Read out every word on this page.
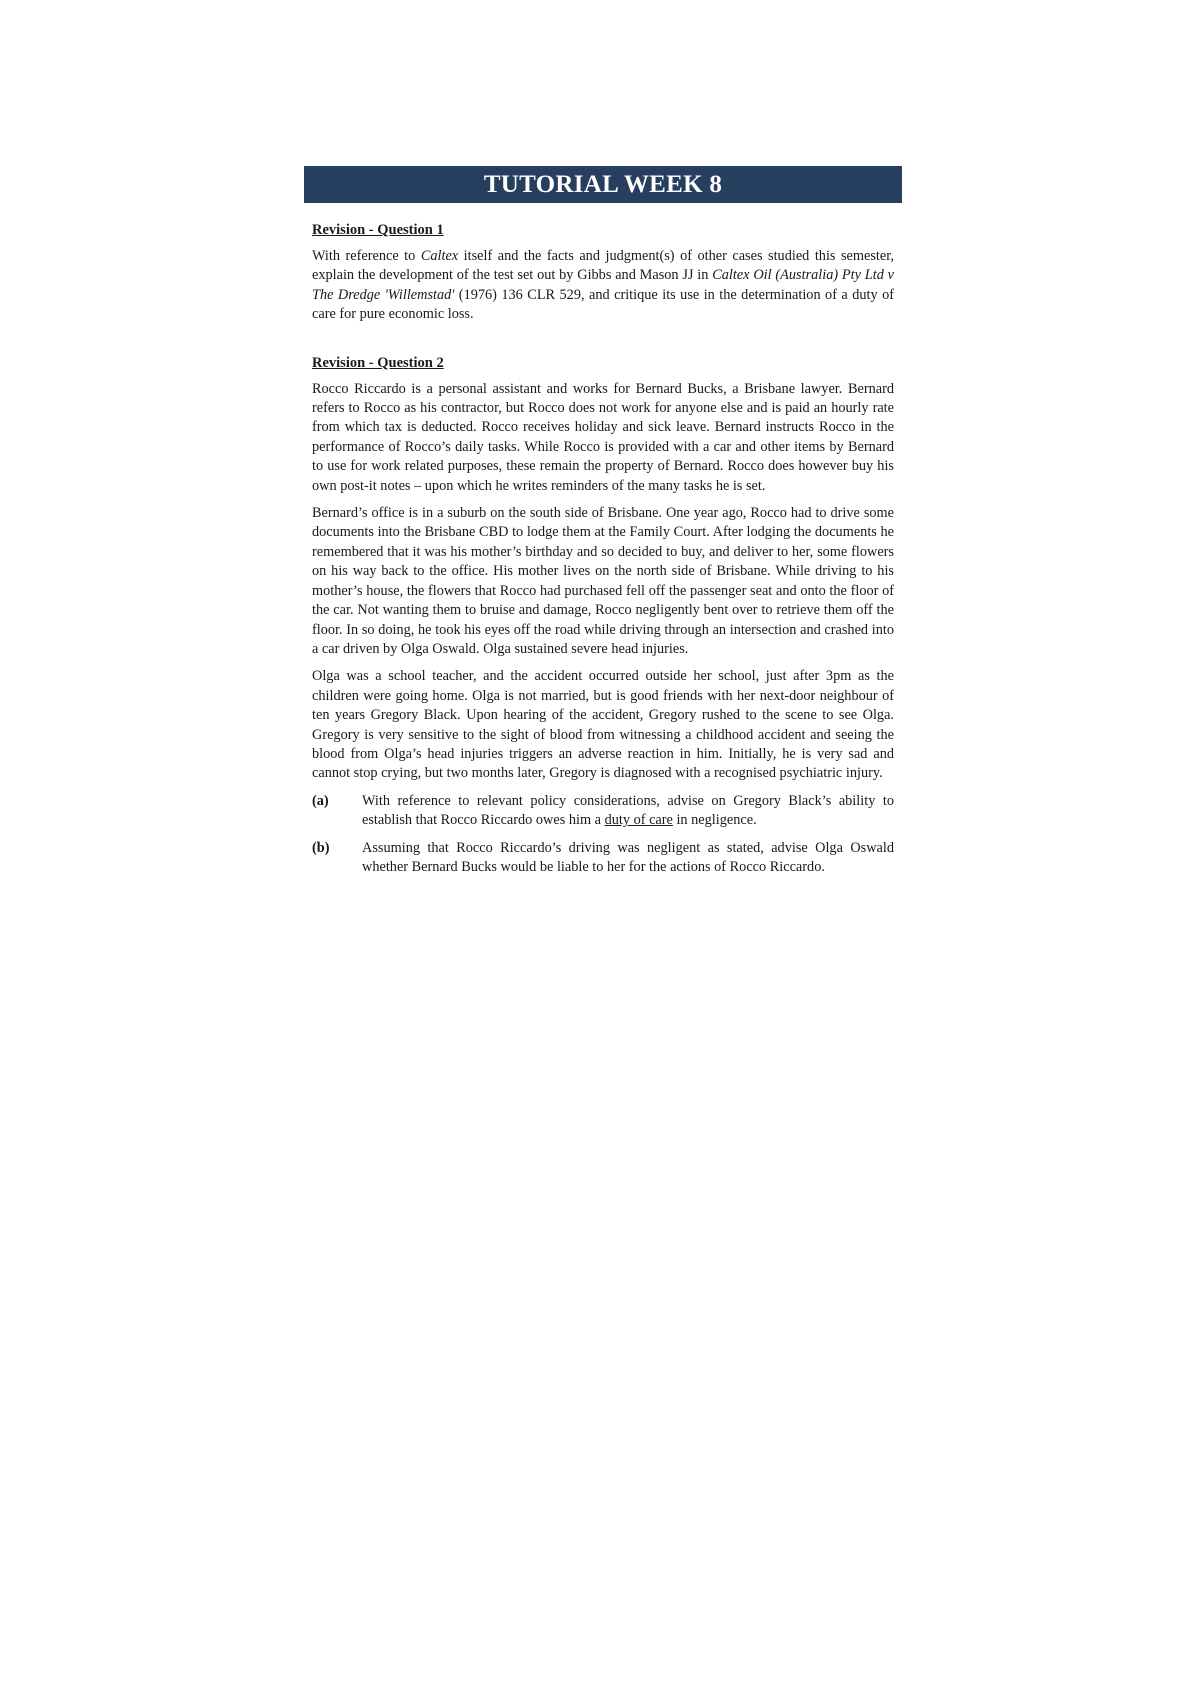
TUTORIAL WEEK 8
Revision - Question 1

With reference to Caltex itself and the facts and judgment(s) of other cases studied this semester, explain the development of the test set out by Gibbs and Mason JJ in Caltex Oil (Australia) Pty Ltd v The Dredge 'Willemstad' (1976) 136 CLR 529, and critique its use in the determination of a duty of care for pure economic loss.

Revision - Question 2

Rocco Riccardo is a personal assistant and works for Bernard Bucks, a Brisbane lawyer. Bernard refers to Rocco as his contractor, but Rocco does not work for anyone else and is paid an hourly rate from which tax is deducted. Rocco receives holiday and sick leave. Bernard instructs Rocco in the performance of Rocco’s daily tasks. While Rocco is provided with a car and other items by Bernard to use for work related purposes, these remain the property of Bernard. Rocco does however buy his own post-it notes – upon which he writes reminders of the many tasks he is set.

Bernard’s office is in a suburb on the south side of Brisbane. One year ago, Rocco had to drive some documents into the Brisbane CBD to lodge them at the Family Court. After lodging the documents he remembered that it was his mother’s birthday and so decided to buy, and deliver to her, some flowers on his way back to the office. His mother lives on the north side of Brisbane. While driving to his mother’s house, the flowers that Rocco had purchased fell off the passenger seat and onto the floor of the car. Not wanting them to bruise and damage, Rocco negligently bent over to retrieve them off the floor. In so doing, he took his eyes off the road while driving through an intersection and crashed into a car driven by Olga Oswald. Olga sustained severe head injuries.

Olga was a school teacher, and the accident occurred outside her school, just after 3pm as the children were going home. Olga is not married, but is good friends with her next-door neighbour of ten years Gregory Black. Upon hearing of the accident, Gregory rushed to the scene to see Olga. Gregory is very sensitive to the sight of blood from witnessing a childhood accident and seeing the blood from Olga’s head injuries triggers an adverse reaction in him. Initially, he is very sad and cannot stop crying, but two months later, Gregory is diagnosed with a recognised psychiatric injury.

(a)	With reference to relevant policy considerations, advise on Gregory Black’s ability to establish that Rocco Riccardo owes him a duty of care in negligence.

(b)	Assuming that Rocco Riccardo’s driving was negligent as stated, advise Olga Oswald whether Bernard Bucks would be liable to her for the actions of Rocco Riccardo.
